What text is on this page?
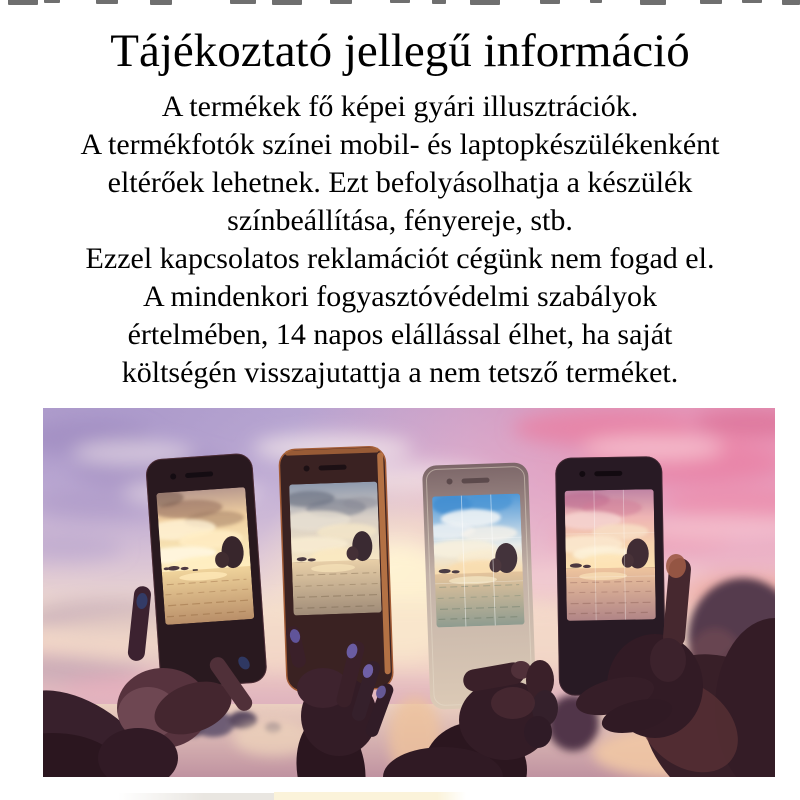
Tájékoztató jellegű információ
A termékek fő képei gyári illusztrációk.
A termékfotók színei mobil- és laptopkészülékenként
eltérőek lehetnek. Ezt befolyásolhatja a készülék
színbeállítása, fényereje, stb.
Ezzel kapcsolatos reklamációt cégünk nem fogad el.
A mindenkori fogyasztóvédelmi szabályok
értelmében, 14 napos elállással élhet, ha saját
költségén visszajutattja a nem tetsző terméket.
